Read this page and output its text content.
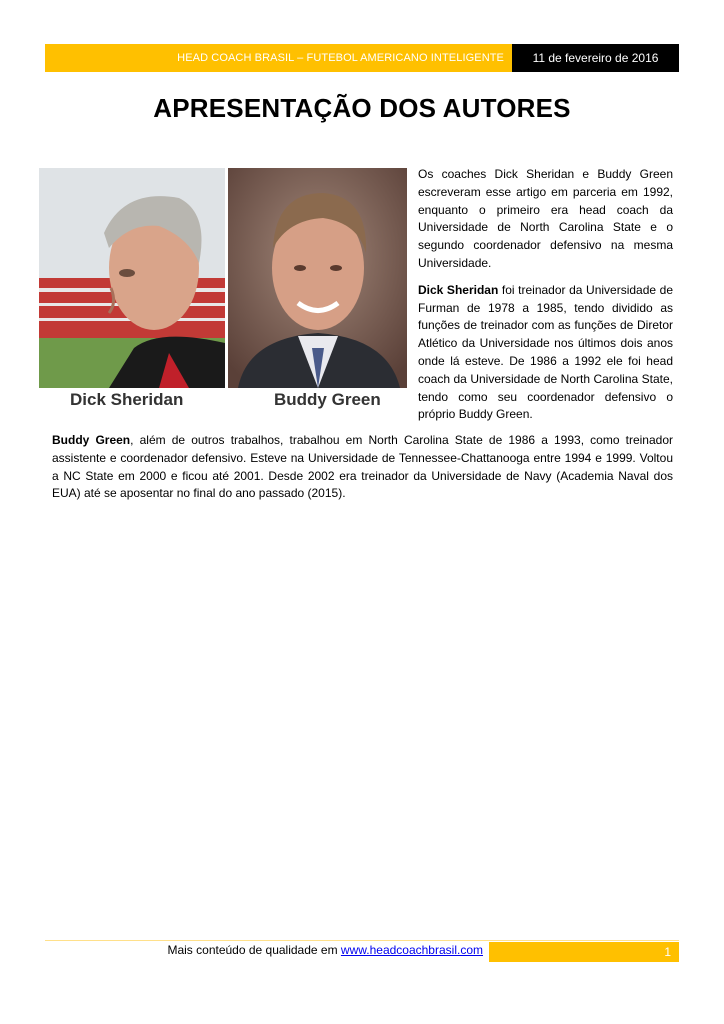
HEAD COACH BRASIL – FUTEBOL AMERICANO INTELIGENTE	11 de fevereiro de 2016
APRESENTAÇÃO DOS AUTORES
Dick Sheridan	Buddy Green

Os coaches Dick Sheridan e Buddy Green escreveram esse artigo em parceria em 1992, enquanto o primeiro era head coach da Universidade de North Carolina State e o segundo coordenador defensivo na mesma Universidade.

Dick Sheridan foi treinador da Universidade de Furman de 1978 a 1985, tendo dividido as funções de treinador com as funções de Diretor Atlético da Universidade nos últimos dois anos onde lá esteve. De 1986 a 1992 ele foi head coach da Universidade de North Carolina State, tendo como seu coordenador defensivo o próprio Buddy Green.

Buddy Green, além de outros trabalhos, trabalhou em North Carolina State de 1986 a 1993, como treinador assistente e coordenador defensivo. Esteve na Universidade de Tennessee-Chattanooga entre 1994 e 1999. Voltou a NC State em 2000 e ficou até 2001. Desde 2002 era treinador da Universidade de Navy (Academia Naval dos EUA) até se aposentar no final do ano passado (2015).
Mais conteúdo de qualidade em www.headcoachbrasil.com	1
